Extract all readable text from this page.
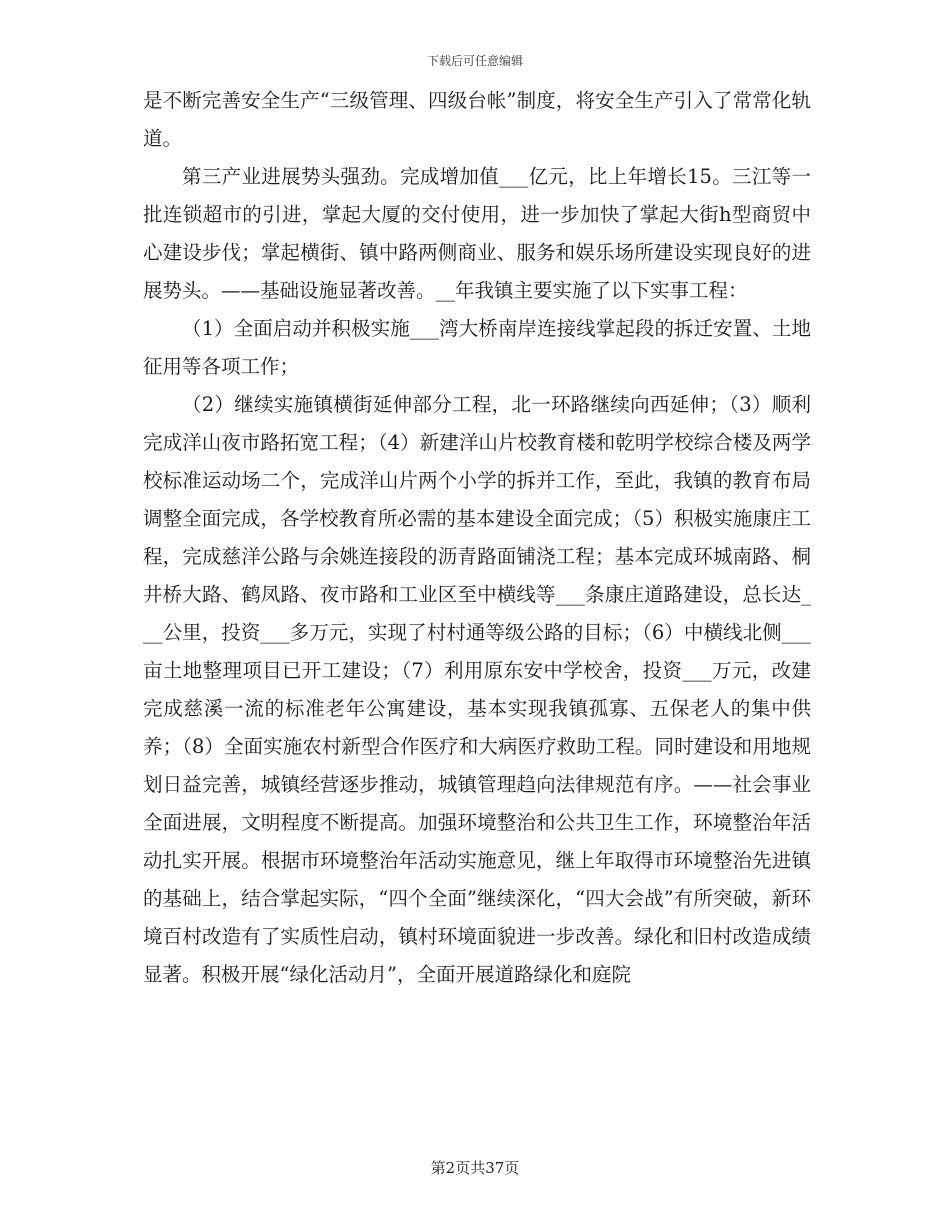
下载后可任意编辑

是不断完善安全生产“三级管理、四级台帐”制度，将安全生产引入了常常化轨道。

第三产业进展势头强劲。完成增加值___亿元，比上年增长15。三江等一批连锁超市的引进，掌起大厦的交付使用，进一步加快了掌起大街h型商贸中心建设步伐；掌起横街、镇中路两侧商业、服务和娱乐场所建设实现良好的进展势头。——基础设施显著改善。__年我镇主要实施了以下实事工程：

（1）全面启动并积极实施___湾大桥南岸连接线掌起段的拆迁安置、土地征用等各项工作；

（2）继续实施镇横街延伸部分工程，北一环路继续向西延伸；（3）顺利完成洋山夜市路拓宽工程；（4）新建洋山片校教育楼和乾明学校综合楼及两学校标准运动场二个，完成洋山片两个小学的拆并工作，至此，我镇的教育布局调整全面完成，各学校教育所必需的基本建设全面完成；（5）积极实施康庄工程，完成慈洋公路与余姚连接段的沥青路面铺浇工程；基本完成环城南路、桐井桥大路、鹤凤路、夜市路和工业区至中横线等___条康庄道路建设，总长达___公里，投资___多万元，实现了村村通等级公路的目标；（6）中横线北侧___亩土地整理项目已开工建设；（7）利用原东安中学校舍，投资___万元，改建完成慈溪一流的标准老年公寓建设，基本实现我镇孤寡、五保老人的集中供养；（8）全面实施农村新型合作医疗和大病医疗救助工程。同时建设和用地规划日益完善，城镇经营逐步推动，城镇管理趋向法律规范有序。——社会事业全面进展，文明程度不断提高。加强环境整治和公共卫生工作，环境整治年活动扎实开展。根据市环境整治年活动实施意见，继上年取得市环境整治先进镇的基础上，结合掌起实际，“四个全面”继续深化，“四大会战”有所突破，新环境百村改造有了实质性启动，镇村环境面貌进一步改善。绿化和旧村改造成绩显著。积极开展“绿化活动月”，全面开展道路绿化和庭院

第2页共37页
